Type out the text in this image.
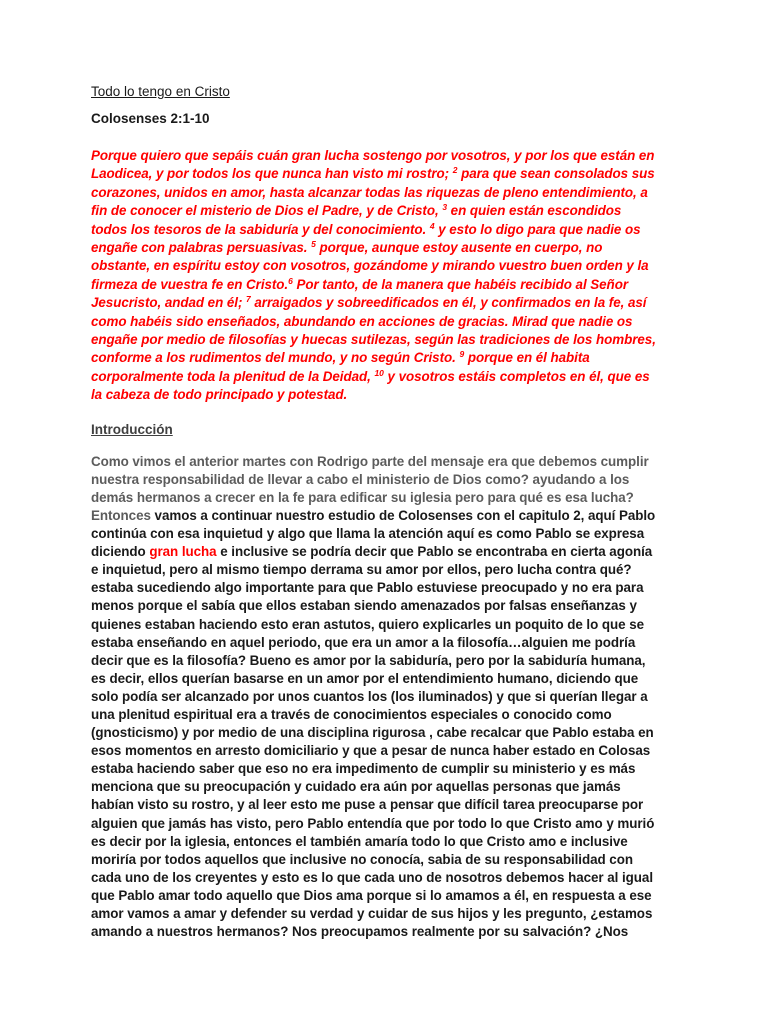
Todo lo tengo en Cristo
Colosenses 2:1-10

Porque quiero que sepáis cuán gran lucha sostengo por vosotros, y por los que están en Laodicea, y por todos los que nunca han visto mi rostro; $^2$ para que sean consolados sus corazones, unidos en amor, hasta alcanzar todas las riquezas de pleno entendimiento, a fin de conocer el misterio de Dios el Padre, y de Cristo, $^3$ en quien están escondidos todos los tesoros de la sabiduría y del conocimiento. $^4$ y esto lo digo para que nadie os engañe con palabras persuasivas. $^5$ porque, aunque estoy ausente en cuerpo, no obstante, en espíritu estoy con vosotros, gozándome y mirando vuestro buen orden y la firmeza de vuestra fe en Cristo.$^6$ Por tanto, de la manera que habéis recibido al Señor Jesucristo, andad en él; $^7$ arraigados y sobreedificados en él, y confirmados en la fe, así como habéis sido enseñados, abundando en acciones de gracias. Mirad que nadie os engañe por medio de filosofías y huecas sutilezas, según las tradiciones de los hombres, conforme a los rudimentos del mundo, y no según Cristo. $^9$ porque en él habita corporalmente toda la plenitud de la Deidad, $^{10}$ y vosotros estáis completos en él, que es la cabeza de todo principado y potestad.

Introducción

Como vimos el anterior martes con Rodrigo parte del mensaje era que debemos cumplir nuestra responsabilidad de llevar a cabo el ministerio de Dios como? ayudando a los demás hermanos a crecer en la fe para edificar su iglesia pero para qué es esa lucha? Entonces vamos a continuar nuestro estudio de Colosenses con el capitulo 2, aquí Pablo continúa con esa inquietud y algo que llama la atención aquí es como Pablo se expresa diciendo gran lucha e inclusive se podría decir que Pablo se encontraba en cierta agonía e inquietud, pero al mismo tiempo derrama su amor por ellos, pero lucha contra qué? estaba sucediendo algo importante para que Pablo estuviese preocupado y no era para menos porque el sabía que ellos estaban siendo amenazados por falsas enseñanzas y quienes estaban haciendo esto eran astutos, quiero explicarles un poquito de lo que se estaba enseñando en aquel periodo, que era un amor a la filosofía…alguien me podría decir que es la filosofía? Bueno es amor por la sabiduría, pero por la sabiduría humana, es decir, ellos querían basarse en un amor por el entendimiento humano, diciendo que solo podía ser alcanzado por unos cuantos los (los iluminados) y que si querían llegar a una plenitud espiritual era a través de conocimientos especiales o conocido como (gnosticismo) y por medio de una disciplina rigurosa , cabe recalcar que Pablo estaba en esos momentos en arresto domiciliario y que a pesar de nunca haber estado en Colosas estaba haciendo saber que eso no era impedimento de cumplir su ministerio y es más menciona que su preocupación y cuidado era aún por aquellas personas que jamás habían visto su rostro, y al leer esto me puse a pensar que difícil tarea preocuparse por alguien que jamás has visto, pero Pablo entendía que por todo lo que Cristo amo y murió es decir por la iglesia, entonces el también amaría todo lo que Cristo amo e inclusive moriría por todos aquellos que inclusive no conocía, sabia de su responsabilidad con cada uno de los creyentes y esto es lo que cada uno de nosotros debemos hacer al igual que Pablo amar todo aquello que Dios ama porque si lo amamos a él, en respuesta a ese amor vamos a amar y defender su verdad y cuidar de sus hijos y les pregunto, ¿estamos amando a nuestros hermanos? Nos preocupamos realmente por su salvación? ¿Nos
